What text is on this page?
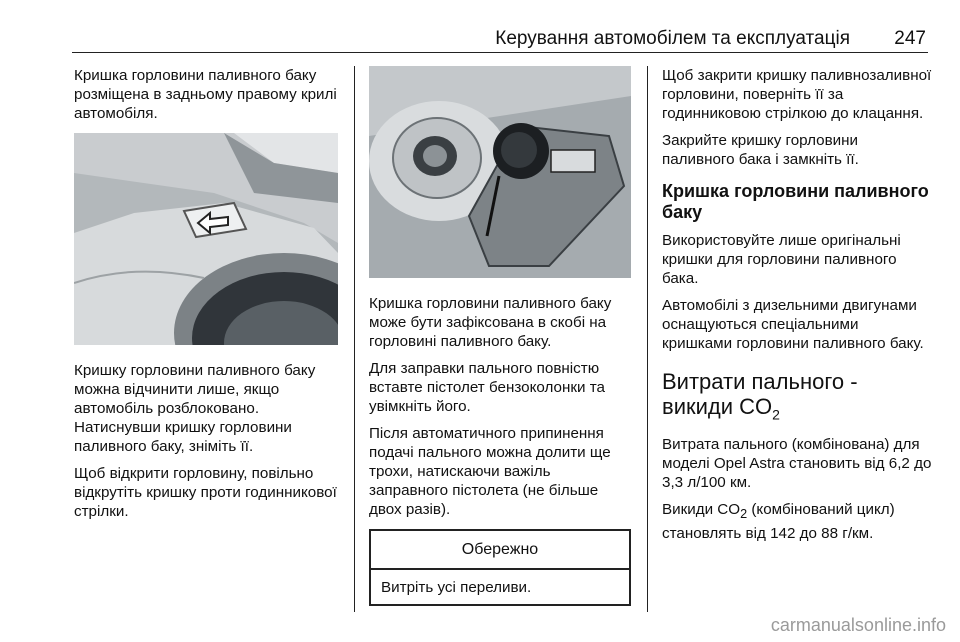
Керування автомобілем та експлуатація 247

Кришка горловини паливного баку розміщена в задньому правому крилі автомобіля.

Кришку горловини паливного баку можна відчинити лише, якщо автомобіль розблоковано. Натиснувши кришку горловини паливного баку, зніміть її.

Щоб відкрити горловину, повільно відкрутіть кришку проти годинникової стрілки.

Кришка горловини паливного баку може бути зафіксована в скобі на горловині паливного баку.

Для заправки пального повністю вставте пістолет бензоколонки та увімкніть його.

Після автоматичного припинення подачі пального можна долити ще трохи, натискаючи важіль заправного пістолета (не більше двох разів).

Обережно
Витріть усі переливи.

Щоб закрити кришку паливнозаливної горловини, поверніть її за годинниковою стрілкою до клацання.

Закрийте кришку горловини паливного бака і замкніть її.

Кришка горловини паливного баку

Використовуйте лише оригінальні кришки для горловини паливного бака.

Автомобілі з дизельними двигунами оснащуються спеціальними кришками горловини паливного баку.

Витрати пального - викиди $CO_2$

Витрата пального (комбінована) для моделі Opel Astra становить від 6,2 до 3,3 л/100 км.

Викиди $CO_2$ (комбінований цикл) становлять від 142 до 88 г/км.

carmanualsonline.info
